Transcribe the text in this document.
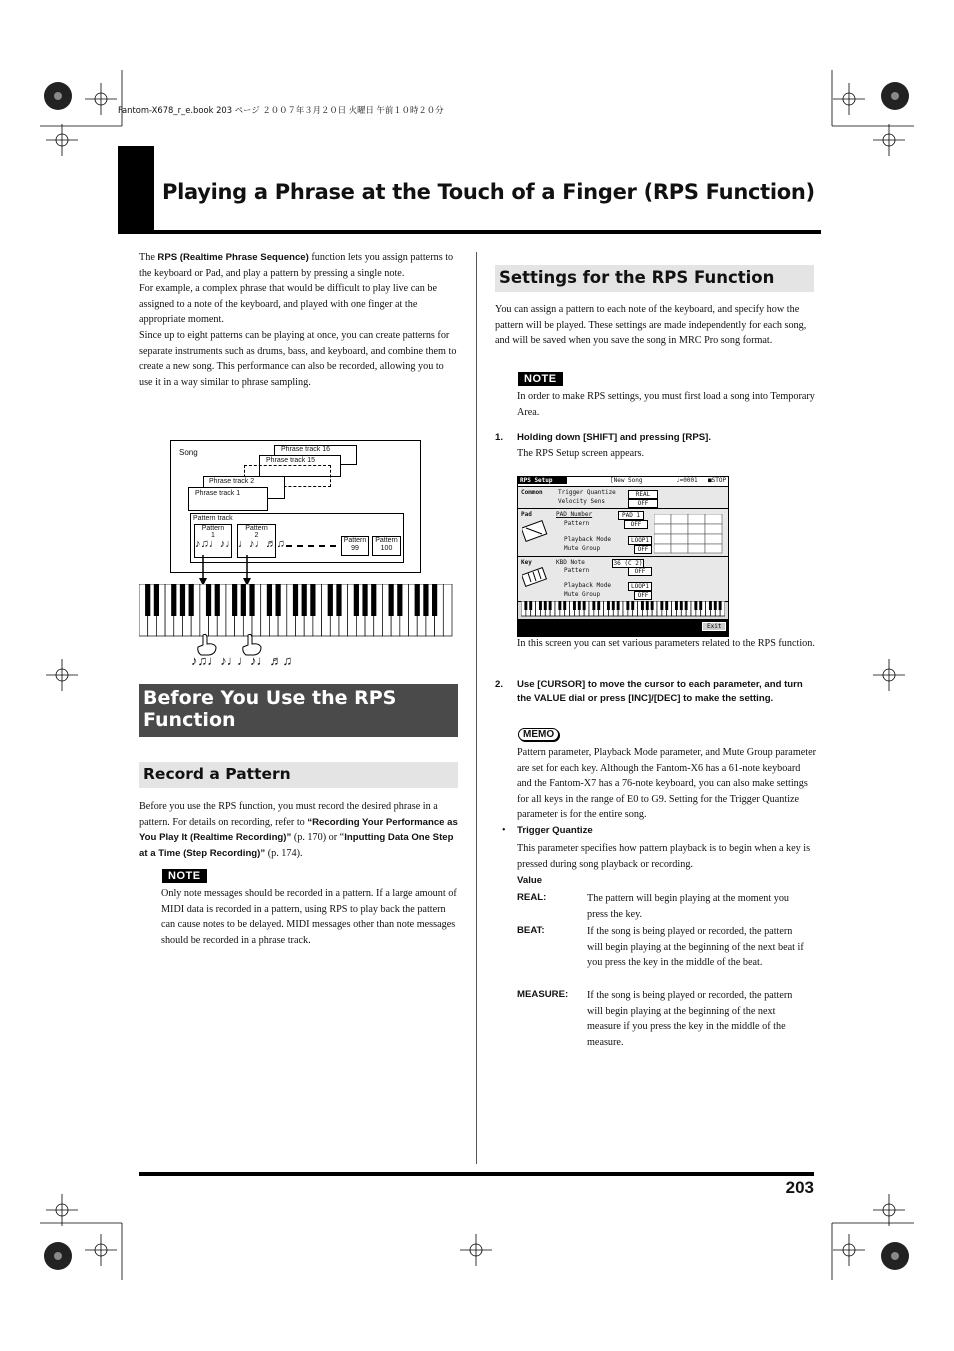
Fantom-X678_r_e.book 203 ページ ２００７年３月２０日 火曜日 午前１０時２０分
Playing a Phrase at the Touch of a Finger (RPS Function)
The RPS (Realtime Phrase Sequence) function lets you assign patterns to the keyboard or Pad, and play a pattern by pressing a single note.
For example, a complex phrase that would be difficult to play live can be assigned to a note of the keyboard, and played with one finger at the appropriate moment.
Since up to eight patterns can be playing at once, you can create patterns for separate instruments such as drums, bass, and keyboard, and combine them to create a new song. This performance can also be recorded, allowing you to use it in a way similar to phrase sampling.
Song	Phrase track 16
Phrase track 15
Phrase track 2
Phrase track 1
Pattern track
Pattern
1
♪♫♩♪♩
Pattern
2
♩♪♩♬♫	Pattern
99
Pattern
100
♪♫♩♪♩
♩♪♩♬♫
Before You Use the RPS Function
Record a Pattern
Before you use the RPS function, you must record the desired phrase in a pattern. For details on recording, refer to “Recording Your Performance as You Play It (Realtime Recording)” (p. 170) or “Inputting Data One Step at a Time (Step Recording)” (p. 174).
NOTE
Only note messages should be recorded in a pattern. If a large amount of MIDI data is recorded in a pattern, using RPS to play back the pattern can cause notes to be delayed. MIDI messages other than note messages should be recorded in a phrase track.
Settings for the RPS Function
You can assign a pattern to each note of the keyboard, and specify how the pattern will be played. These settings are made independently for each song, and will be saved when you save the song in MRC Pro song format.
NOTE
In order to make RPS settings, you must first load a song into Temporary Area.
1. Holding down [SHIFT] and pressing [RPS].
The RPS Setup screen appears.
RPS Setup	[New Song	♩=0001 ■STOP
Common	Trigger Quantize	REAL
Velocity Sens	OFF
Pad	PAD Number	PAD 1
Pattern	OFF
Playback Mode	LOOP1
Mute Group	OFF
Key	KBD Note	36 (C 2)
Pattern	OFF
Playback Mode	LOOP1
Mute Group	OFF
Exit
In this screen you can set various parameters related to the RPS function.
2. Use [CURSOR] to move the cursor to each parameter, and turn the VALUE dial or press [INC]/[DEC] to make the setting.
MEMO
Pattern parameter, Playback Mode parameter, and Mute Group parameter are set for each key. Although the Fantom-X6 has a 61-note keyboard and the Fantom-X7 has a 76-note keyboard, you can also make settings for all keys in the range of E0 to G9. Setting for the Trigger Quantize parameter is for the entire song.
• Trigger Quantize
This parameter specifies how pattern playback is to begin when a key is pressed during song playback or recording.
Value
REAL:	The pattern will begin playing at the moment you press the key.
BEAT:	If the song is being played or recorded, the pattern will begin playing at the beginning of the next beat if you press the key in the middle of the beat.
MEASURE: If the song is being played or recorded, the pattern will begin playing at the beginning of the next measure if you press the key in the middle of the measure.
203
